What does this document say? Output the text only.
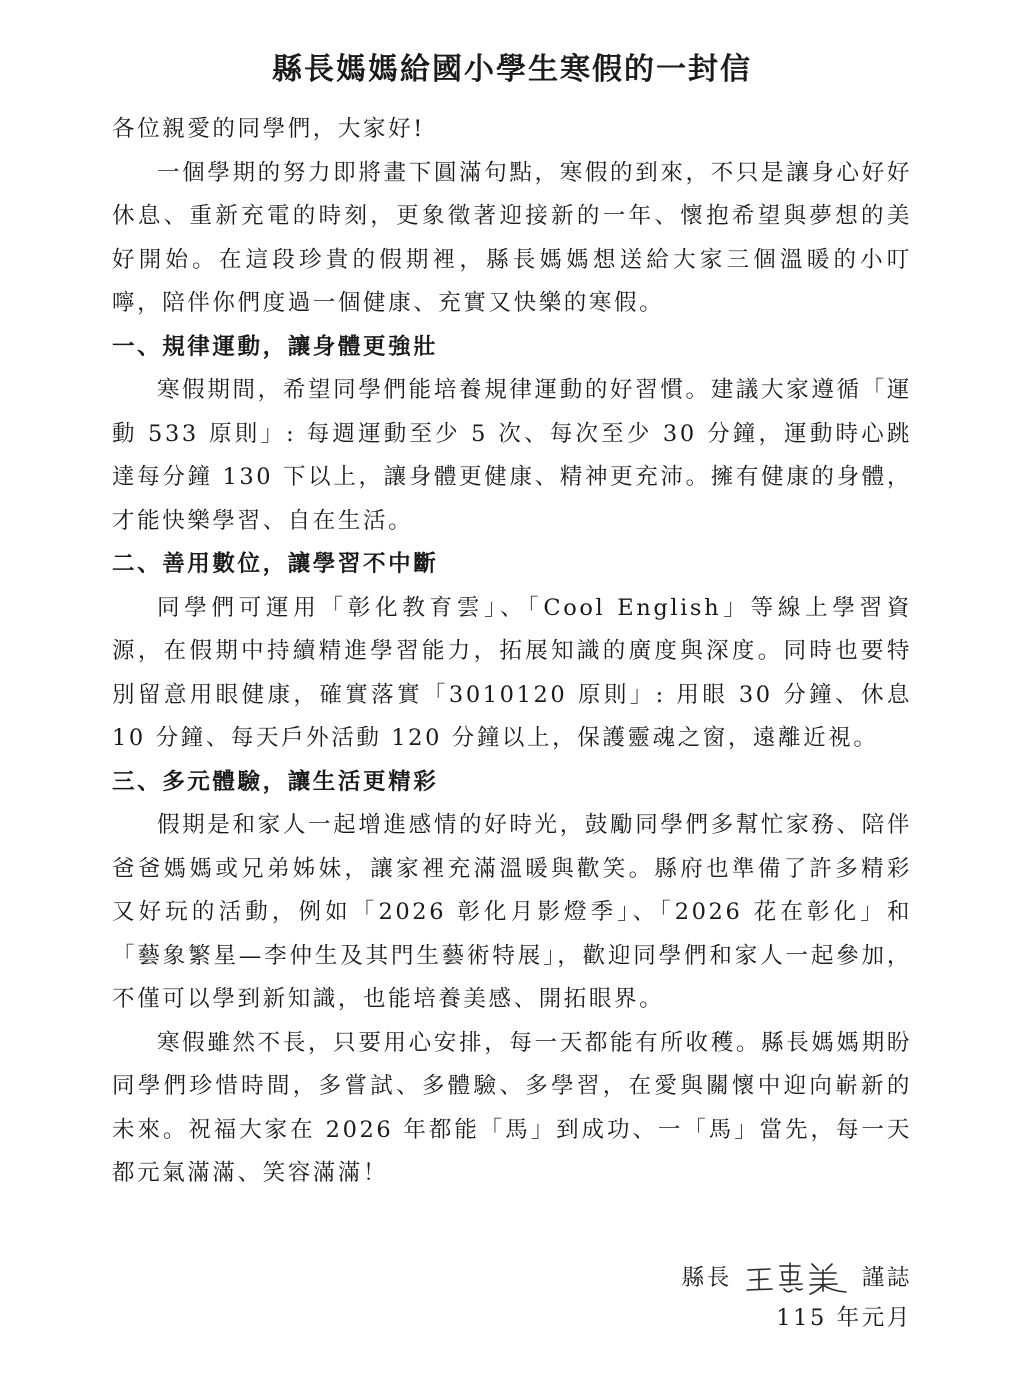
縣長媽媽給國小學生寒假的一封信

各位親愛的同學們，大家好!

一個學期的努力即將畫下圓滿句點，寒假的到來，不只是讓身心好好休息、重新充電的時刻，更象徵著迎接新的一年、懷抱希望與夢想的美好開始。在這段珍貴的假期裡，縣長媽媽想送給大家三個溫暖的小叮嚀，陪伴你們度過一個健康、充實又快樂的寒假。

一、規律運動，讓身體更強壯

寒假期間，希望同學們能培養規律運動的好習慣。建議大家遵循「運動 533 原則」: 每週運動至少 5 次、每次至少 30 分鐘，運動時心跳達每分鐘 130 下以上，讓身體更健康、精神更充沛。擁有健康的身體，才能快樂學習、自在生活。

二、善用數位，讓學習不中斷

同學們可運用「彰化教育雲」、「Cool English」等線上學習資源，在假期中持續精進學習能力，拓展知識的廣度與深度。同時也要特別留意用眼健康，確實落實「3010120 原則」: 用眼 30 分鐘、休息 10 分鐘、每天戶外活動 120 分鐘以上，保護靈魂之窗，遠離近視。

三、多元體驗，讓生活更精彩

假期是和家人一起增進感情的好時光，鼓勵同學們多幫忙家務、陪伴爸爸媽媽或兄弟姊妹，讓家裡充滿溫暖與歡笑。縣府也準備了許多精彩又好玩的活動，例如「2026 彰化月影燈季」、「2026 花在彰化」和「藝象繁星—李仲生及其門生藝術特展」，歡迎同學們和家人一起參加，不僅可以學到新知識，也能培養美感、開拓眼界。

寒假雖然不長，只要用心安排，每一天都能有所收穫。縣長媽媽期盼同學們珍惜時間，多嘗試、多體驗、多學習，在愛與關懷中迎向嶄新的未來。祝福大家在 2026 年都能「馬」到成功、一「馬」當先，每一天都元氣滿滿、笑容滿滿！

縣長	謹誌
115 年元月
